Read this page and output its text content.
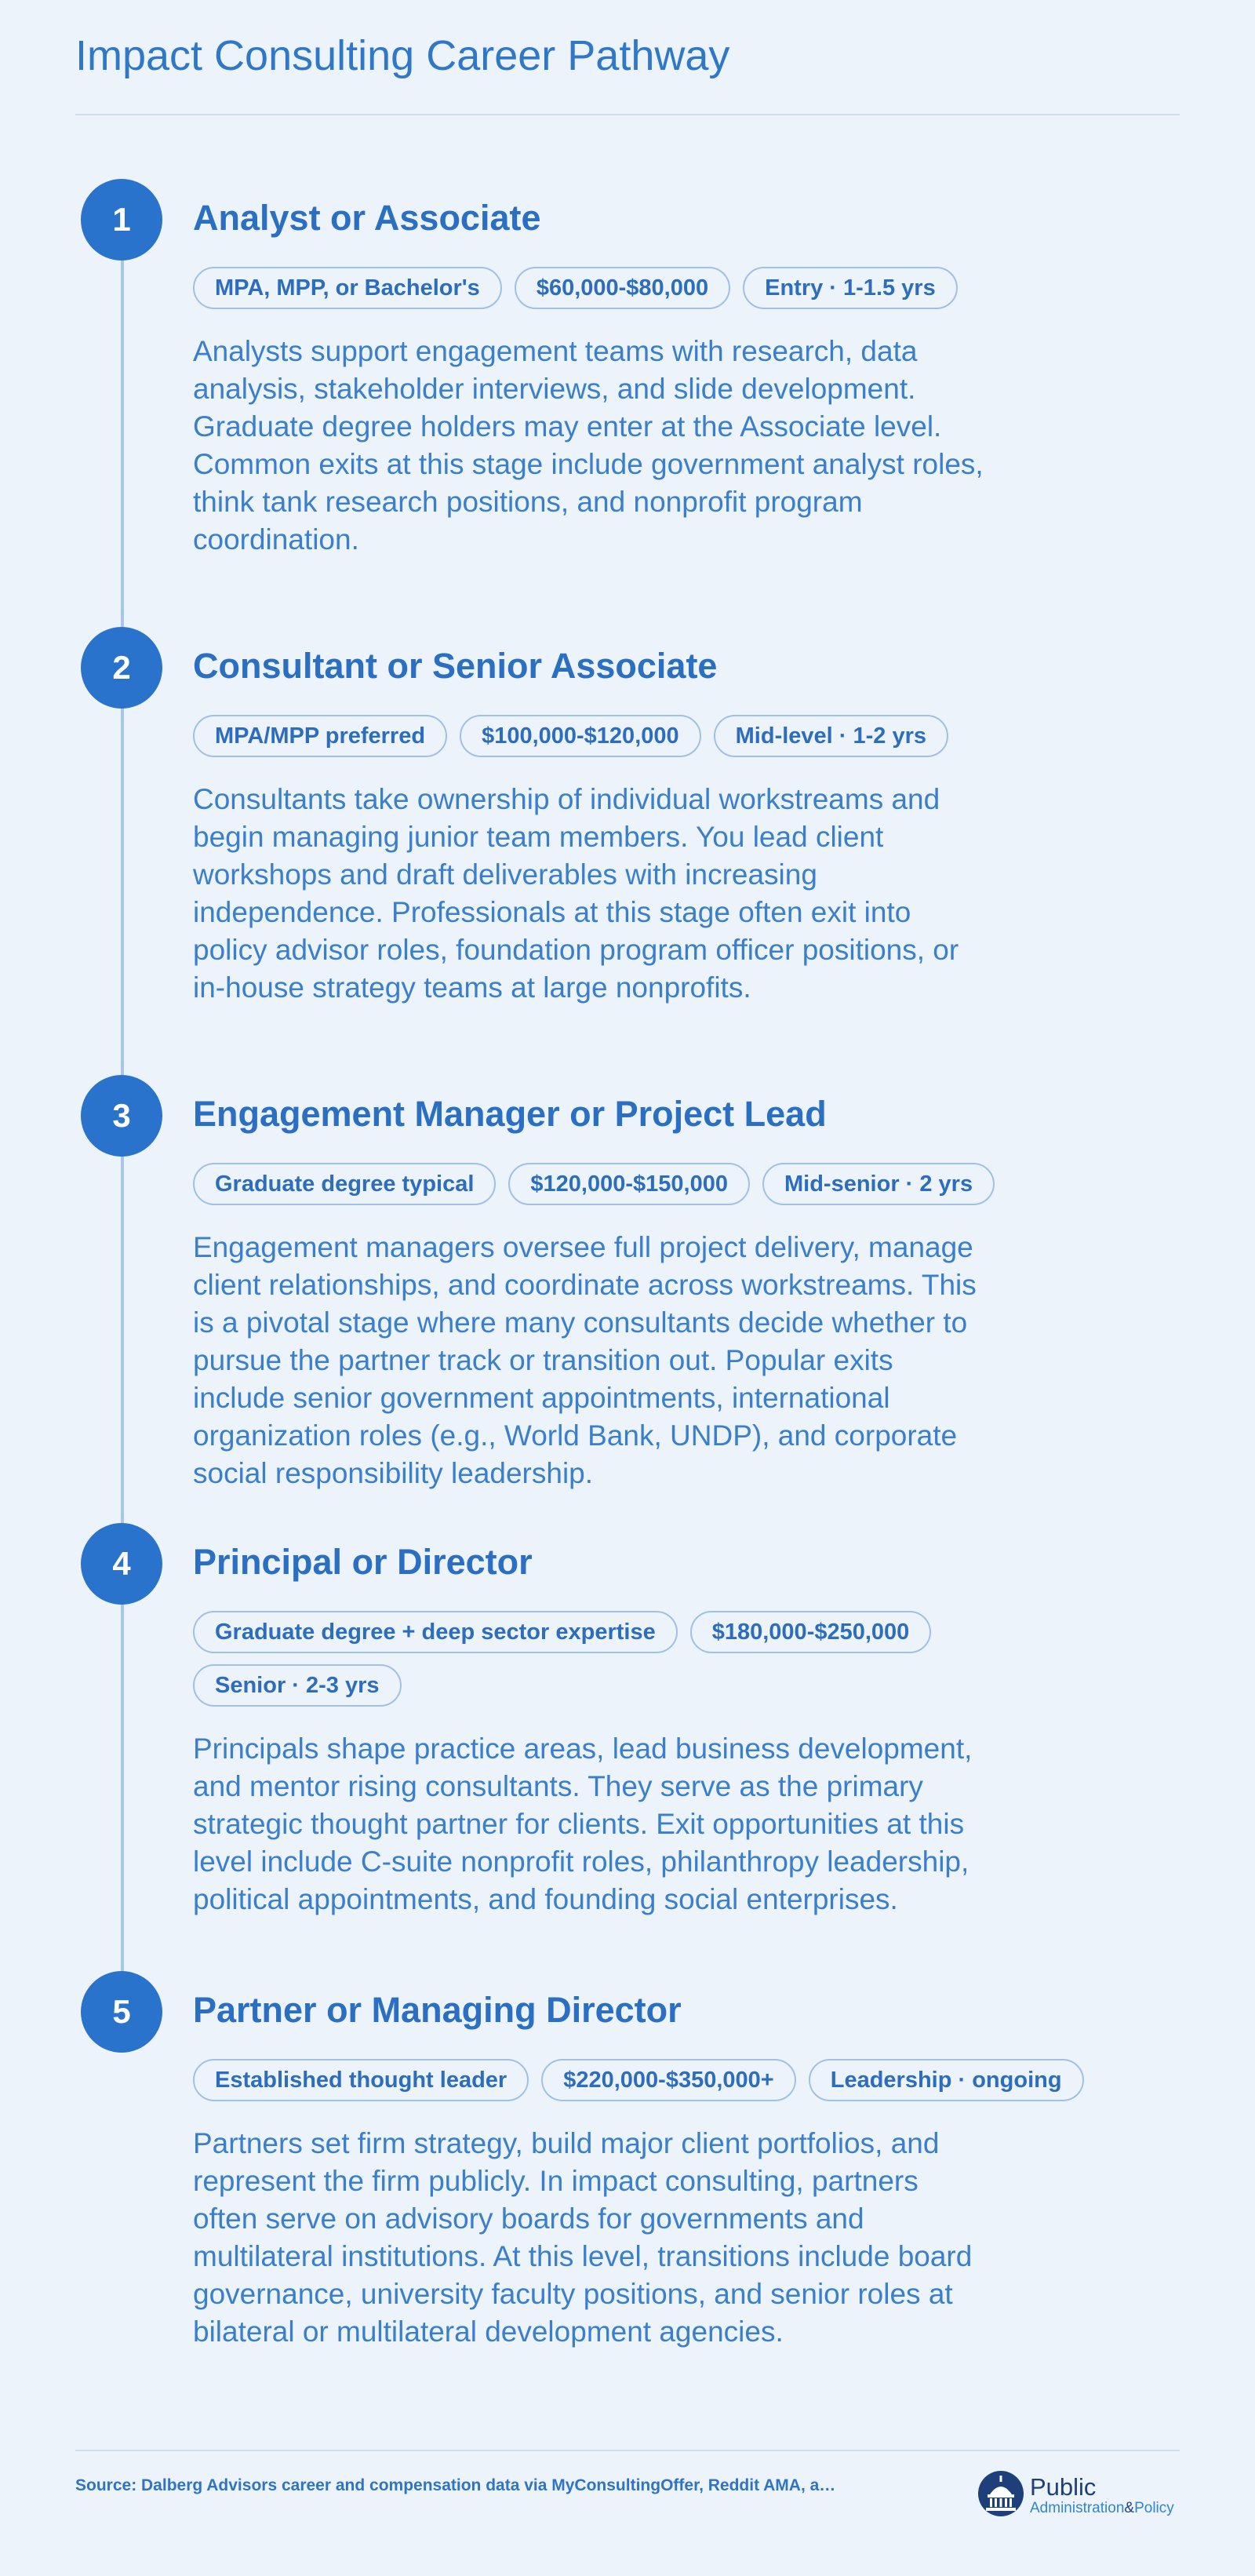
Impact Consulting Career Pathway
1	Analyst or Associate
MPA, MPP, or Bachelor's	$60,000-$80,000	Entry · 1-1.5 yrs

Analysts support engagement teams with research, data analysis, stakeholder interviews, and slide development. Graduate degree holders may enter at the Associate level. Common exits at this stage include government analyst roles, think tank research positions, and nonprofit program coordination.

2	Consultant or Senior Associate
MPA/MPP preferred	$100,000-$120,000	Mid-level · 1-2 yrs

Consultants take ownership of individual workstreams and begin managing junior team members. You lead client workshops and draft deliverables with increasing independence. Professionals at this stage often exit into policy advisor roles, foundation program officer positions, or in-house strategy teams at large nonprofits.

3	Engagement Manager or Project Lead
Graduate degree typical	$120,000-$150,000	Mid-senior · 2 yrs

Engagement managers oversee full project delivery, manage client relationships, and coordinate across workstreams. This is a pivotal stage where many consultants decide whether to pursue the partner track or transition out. Popular exits include senior government appointments, international organization roles (e.g., World Bank, UNDP), and corporate social responsibility leadership.

4	Principal or Director
Graduate degree + deep sector expertise	$180,000-$250,000
Senior · 2-3 yrs

Principals shape practice areas, lead business development, and mentor rising consultants. They serve as the primary strategic thought partner for clients. Exit opportunities at this level include C-suite nonprofit roles, philanthropy leadership, political appointments, and founding social enterprises.

5	Partner or Managing Director
Established thought leader	$220,000-$350,000+	Leadership · ongoing

Partners set firm strategy, build major client portfolios, and represent the firm publicly. In impact consulting, partners often serve on advisory boards for governments and multilateral institutions. At this level, transitions include board governance, university faculty positions, and senior roles at bilateral or multilateral development agencies.

Source: Dalberg Advisors career and compensation data via MyConsultingOffer, Reddit AMA, a…	Public
Administration&Policy
